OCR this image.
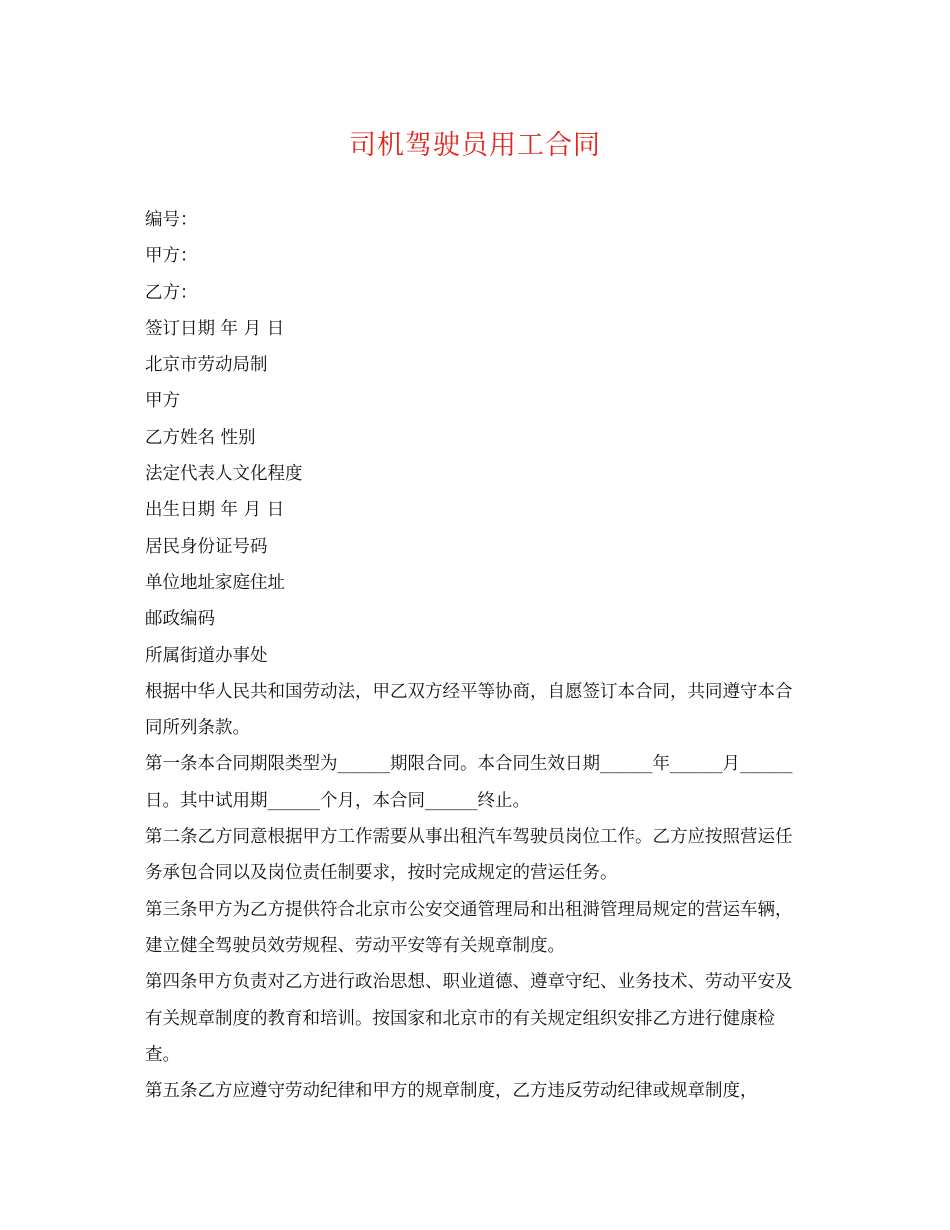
司机驾驶员用工合同

编号：

甲方：

乙方：

签订日期 年 月 日

北京市劳动局制

甲方

乙方姓名 性别

法定代表人文化程度

出生日期 年 月 日

居民身份证号码

单位地址家庭住址

邮政编码

所属街道办事处

根据中华人民共和国劳动法，甲乙双方经平等协商，自愿签订本合同，共同遵守本合同所列条款。

第一条本合同期限类型为______期限合同。本合同生效日期______年______月______日。其中试用期______个月，本合同______终止。

第二条乙方同意根据甲方工作需要从事出租汽车驾驶员岗位工作。乙方应按照营运任务承包合同以及岗位责任制要求，按时完成规定的营运任务。

第三条甲方为乙方提供符合北京市公安交通管理局和出租溡管理局规定的营运车辆，建立健全驾驶员效劳规程、劳动平安等有关规章制度。

第四条甲方负责对乙方进行政治思想、职业道德、遵章守纪、业务技术、劳动平安及有关规章制度的教育和培训。按国家和北京市的有关规定组织安排乙方进行健康检查。

第五条乙方应遵守劳动纪律和甲方的规章制度，乙方违反劳动纪律或规章制度，
